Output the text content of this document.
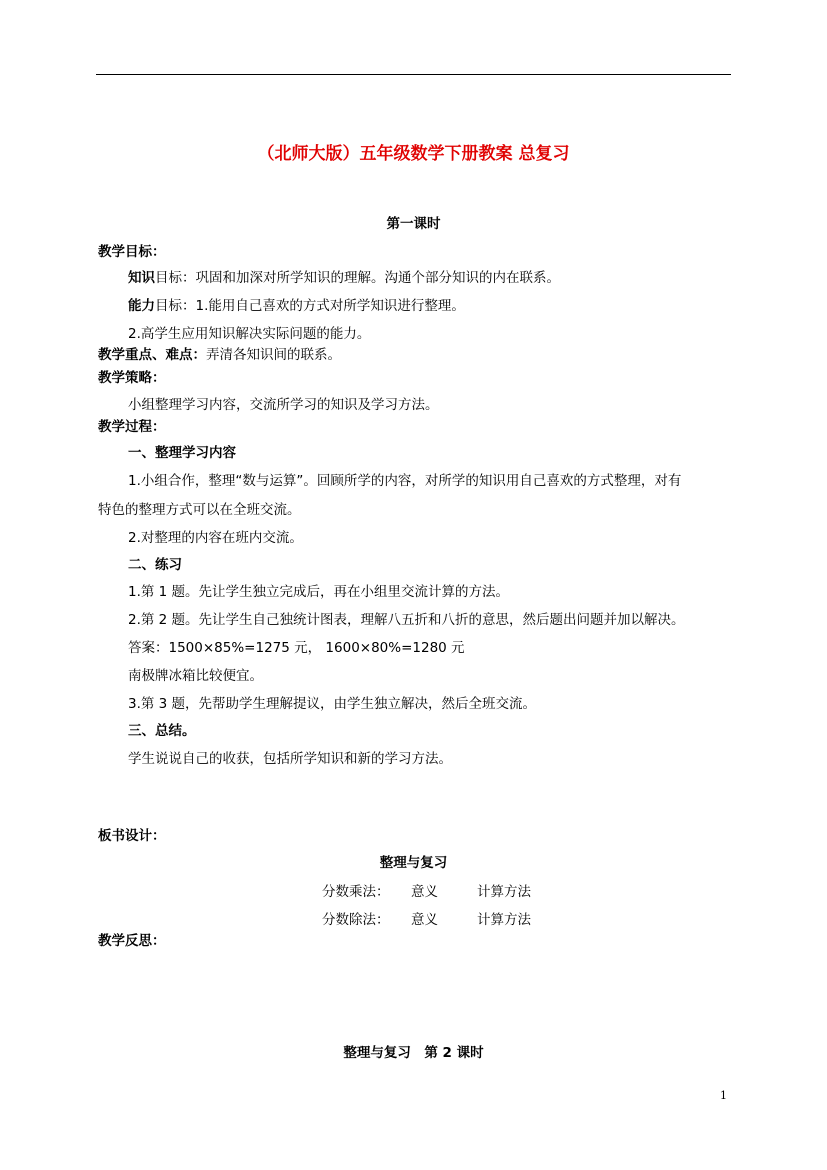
（北师大版）五年级数学下册教案 总复习
第一课时
教学目标：
知识目标：巩固和加深对所学知识的理解。沟通个部分知识的内在联系。
能力目标：1.能用自己喜欢的方式对所学知识进行整理。
2.高学生应用知识解决实际问题的能力。
教学重点、难点：弄清各知识间的联系。
教学策略：
小组整理学习内容，交流所学习的知识及学习方法。
教学过程：
一、整理学习内容
1.小组合作，整理“数与运算”。回顾所学的内容，对所学的知识用自己喜欢的方式整理，对有
特色的整理方式可以在全班交流。
2.对整理的内容在班内交流。
二、练习
1.第 1 题。先让学生独立完成后，再在小组里交流计算的方法。
2.第 2 题。先让学生自己独统计图表，理解八五折和八折的意思，然后题出问题并加以解决。
答案：1500×85%=1275 元， 1600×80%=1280 元
南极牌冰箱比较便宜。
3.第 3 题，先帮助学生理解提议，由学生独立解决，然后全班交流。
三、总结。
学生说说自己的收获，包括所学知识和新的学习方法。
板书设计：
整理与复习
分数乘法： 意义	计算方法
分数除法： 意义	计算方法
教学反思：
整理与复习　第 2 课时
1
